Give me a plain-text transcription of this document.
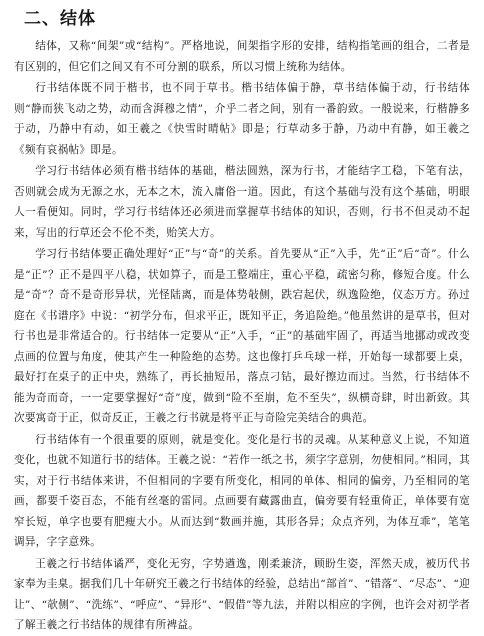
二、结体

结体，又称“间架”或“结构”。严格地说，间架指字形的安排，结构指笔画的组合，二者是有区别的，但它们之间又有不可分割的联系，所以习惯上统称为结体。

行书结体既不同于楷书，也不同于草书。楷书结体偏于静，草书结体偏于动，行书结体则“静而狭飞动之势，动而含湃穆之情”，介乎二者之间，别有一番韵致。一般说来，行楷静多于动，乃静中有动，如王羲之《快雪时晴帖》即是；行草动多于静，乃动中有静，如王羲之《频有哀祸帖》即是。

学习行书结体必须有楷书结体的基础，楷法圆熟，深为行书，才能结字工稳，下笔有法，否则就会成为无源之水，无本之木，流入庸俗一道。因此，有这个基础与没有这个基础，明眼人一看便知。同时，学习行书结体还必须进而掌握草书结体的知识，否则，行书不但灵动不起来，写出的行草还会不伦不类，贻笑大方。

学习行书结体要正确处理好“正”与“奇”的关系。首先要从“正”入手，先“正”后“奇”。什么是“正”？正不是四平八稳，状如算子，而是工整端庄，重心平稳，疏密匀称，修短合度。什么是“奇”？奇不是奇形异状，光怪陆离，而是体势敧侧，跌宕起伏，纵逸险绝，仪态万方。孙过庭在《书谱序》中说：“初学分布，但求平正，既知平正，务追险绝。”他虽然讲的是草书，但对行书也是非常适合的。行书结体一定要从“正”入手，“正”的基础牢固了，再适当地挪动或改变点画的位置与角度，使其产生一种险绝的态势。这也像打乒乓球一样，开始每一球都要上桌，最好打在桌子的正中央，熟练了，再长抽短吊，落点刁钻，最好擦边而过。当然，行书结体不能为奇而奇，一一定要掌握好“奇”度，做到“险不至崩，危不至失”，纵横奇肆，时出新致。其次要寓奇于正，似奇反正，王羲之行书就是将平正与奇险完美结合的典范。

行书结体有一个很重要的原则，就是变化。变化是行书的灵魂。从某种意义上说，不知道变化，也就不知道行书的结体。王羲之说：“若作一纸之书，须字字意别，勿使相同。”相同，其实，对于行书结体来讲，不但相同的字要有所变化，相同的单体、相同的偏旁，乃至相同的笔画，都要千姿百态，不能有丝毫的雷同。点画要有藏露曲直，偏旁要有轻重倚正，单体要有宽窄长短，单字也要有肥瘦大小。从而达到“数画并施，其形各异；众点齐列，为体互乖”，笔笔调异，字字意殊。

王羲之行书结体谲严，变化无穷，字势遒逸，刚柔兼济，顾盼生姿，浑然天成，被历代书家奉为圭臬。据我们几十年研究王羲之行书结体的经验，总结出“部首”、“错落”、“尽态”、“迎让”、“欹侧”、“洗练”、“呼应”、“异形”、“假借”等九法，并附以相应的字例，也许会对初学者了解王羲之行书结体的规律有所裨益。
